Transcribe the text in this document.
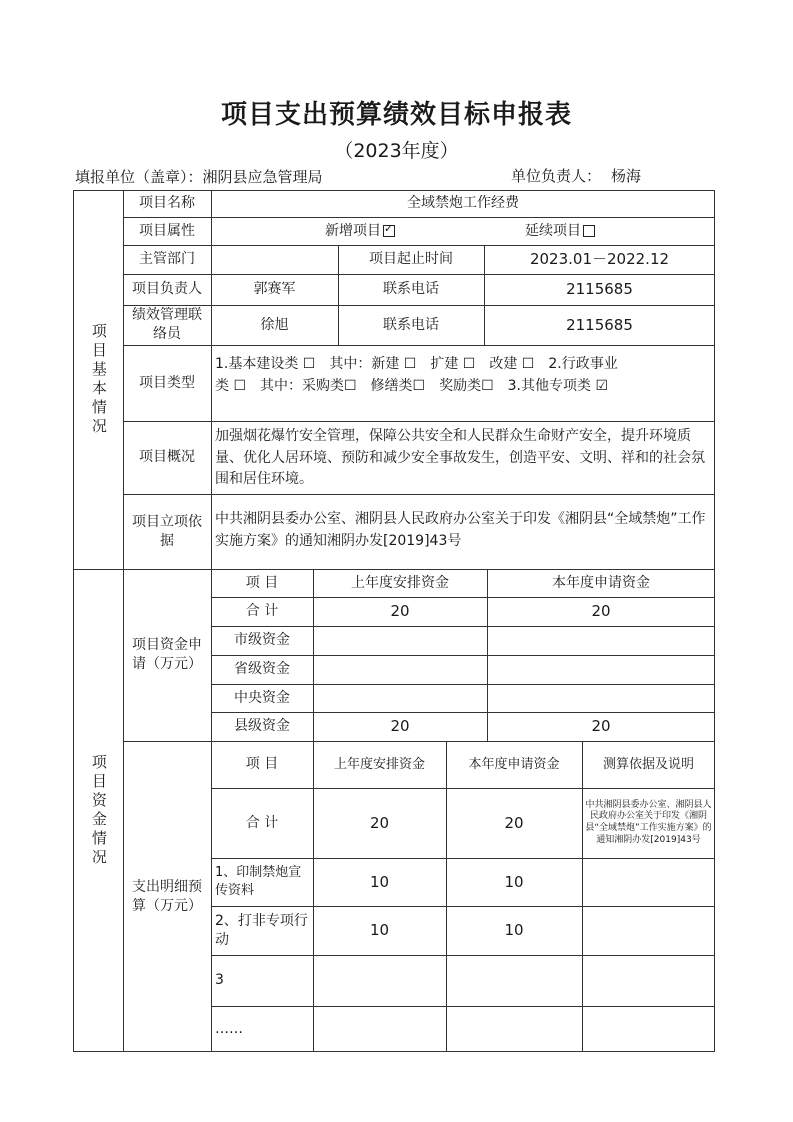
项目支出预算绩效目标申报表
（2023年度）
填报单位（盖章）：湘阴县应急管理局	单位负责人： 杨海
项目基本情况
项目资金情况
项目名称	全域禁炮工作经费
项目属性	新增项目
✓	延续项目
主管部门	项目起止时间	2023.01－2022.12
项目负责人	郭赛军	联系电话	2115685
绩效管理联络员
徐旭	联系电话	2115685
项目类型
1.基本建设类 ☐　其中：新建 ☐　扩建 ☐　改建 ☐　2.行政事业
类 ☐　其中：采购类☐　修缮类☐　奖励类☐　3.其他专项类 ☑
项目概况
加强烟花爆竹安全管理，保障公共安全和人民群众生命财产安全，提升环境质量、优化人居环境、预防和减少安全事故发生，创造平安、文明、祥和的社会氛围和居住环境。
项目立项依据
中共湘阴县委办公室、湘阴县人民政府办公室关于印发《湘阴县“全域禁炮”工作实施方案》的通知湘阴办发[2019]43号
项目资金申请（万元）
项 目	上年度安排资金	本年度申请资金
合 计	20	20
市级资金
省级资金
中央资金
县级资金	20	20
支出明细预算（万元）
项 目	上年度安排资金	本年度申请资金	测算依据及说明
合 计	20	20
中共湘阴县委办公室、湘阴县人民政府办公室关于印发《湘阴县“全域禁炮”工作实施方案》的通知湘阴办发[2019]43号
1、印制禁炮宣传资料	10	10
2、打非专项行动
10	10
3
……
